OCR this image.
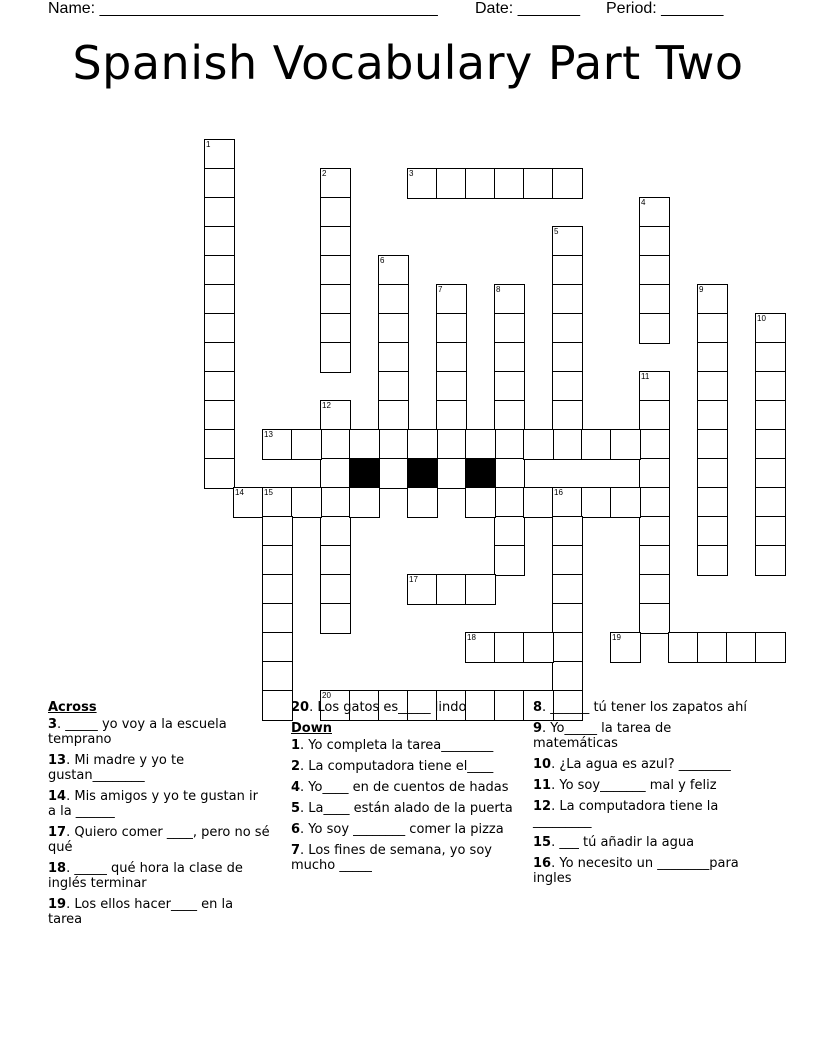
Name: ______________________________________ Date: _______ Period: _______
Spanish Vocabulary Part Two
1
2	3
4
5
6
7	8	9
10
11
12
13
14	15	16
17
18	19
20
Across
3. _____ yo voy a la escuela temprano
13. Mi madre y yo te gustan________
14. Mis amigos y yo te gustan ir a la ______
17. Quiero comer ____, pero no sé qué
18. _____ qué hora la clase de inglés terminar
19. Los ellos hacer____ en la tarea
20. Los gatos es_____ lindo
Down
1. Yo completa la tarea________
2. La computadora tiene el____
4. Yo____ en de cuentos de hadas
5. La____ están alado de la puerta
6. Yo soy ________ comer la pizza
7. Los fines de semana, yo soy mucho _____
8. ______ tú tener los zapatos ahí
9. Yo_____ la tarea de matemáticas
10. ¿La agua es azul? ________
11. Yo soy_______ mal y feliz
12. La computadora tiene la _________
15. ___ tú añadir la agua
16. Yo necesito un ________para ingles
